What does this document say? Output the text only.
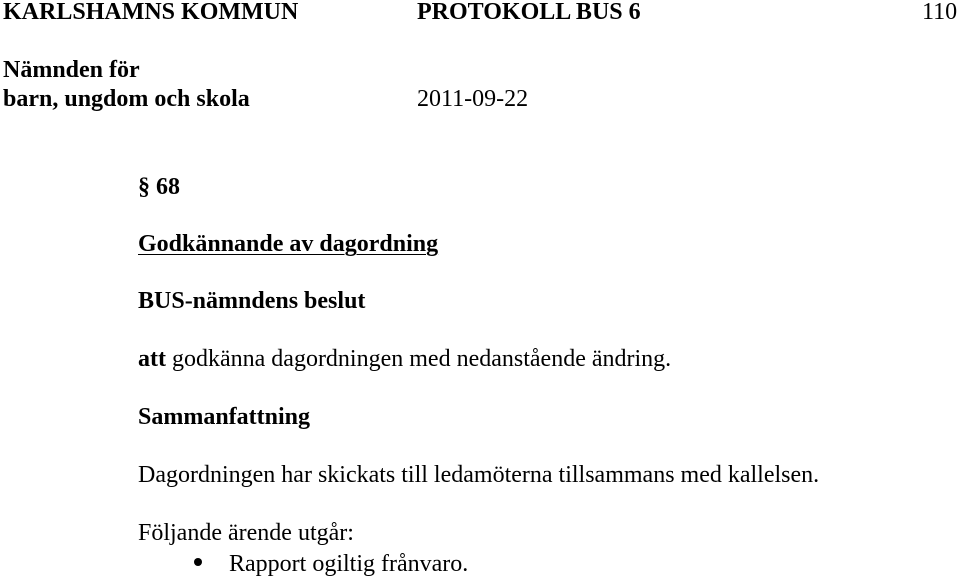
KARLSHAMNS KOMMUN	PROTOKOLL BUS 6	110
Nämnden för
barn, ungdom och skola	2011-09-22
§ 68
Godkännande av dagordning
BUS-nämndens beslut
att godkänna dagordningen med nedanstående ändring.
Sammanfattning
Dagordningen har skickats till ledamöterna tillsammans med kallelsen.
Följande ärende utgår:
Rapport ogiltig frånvaro.
